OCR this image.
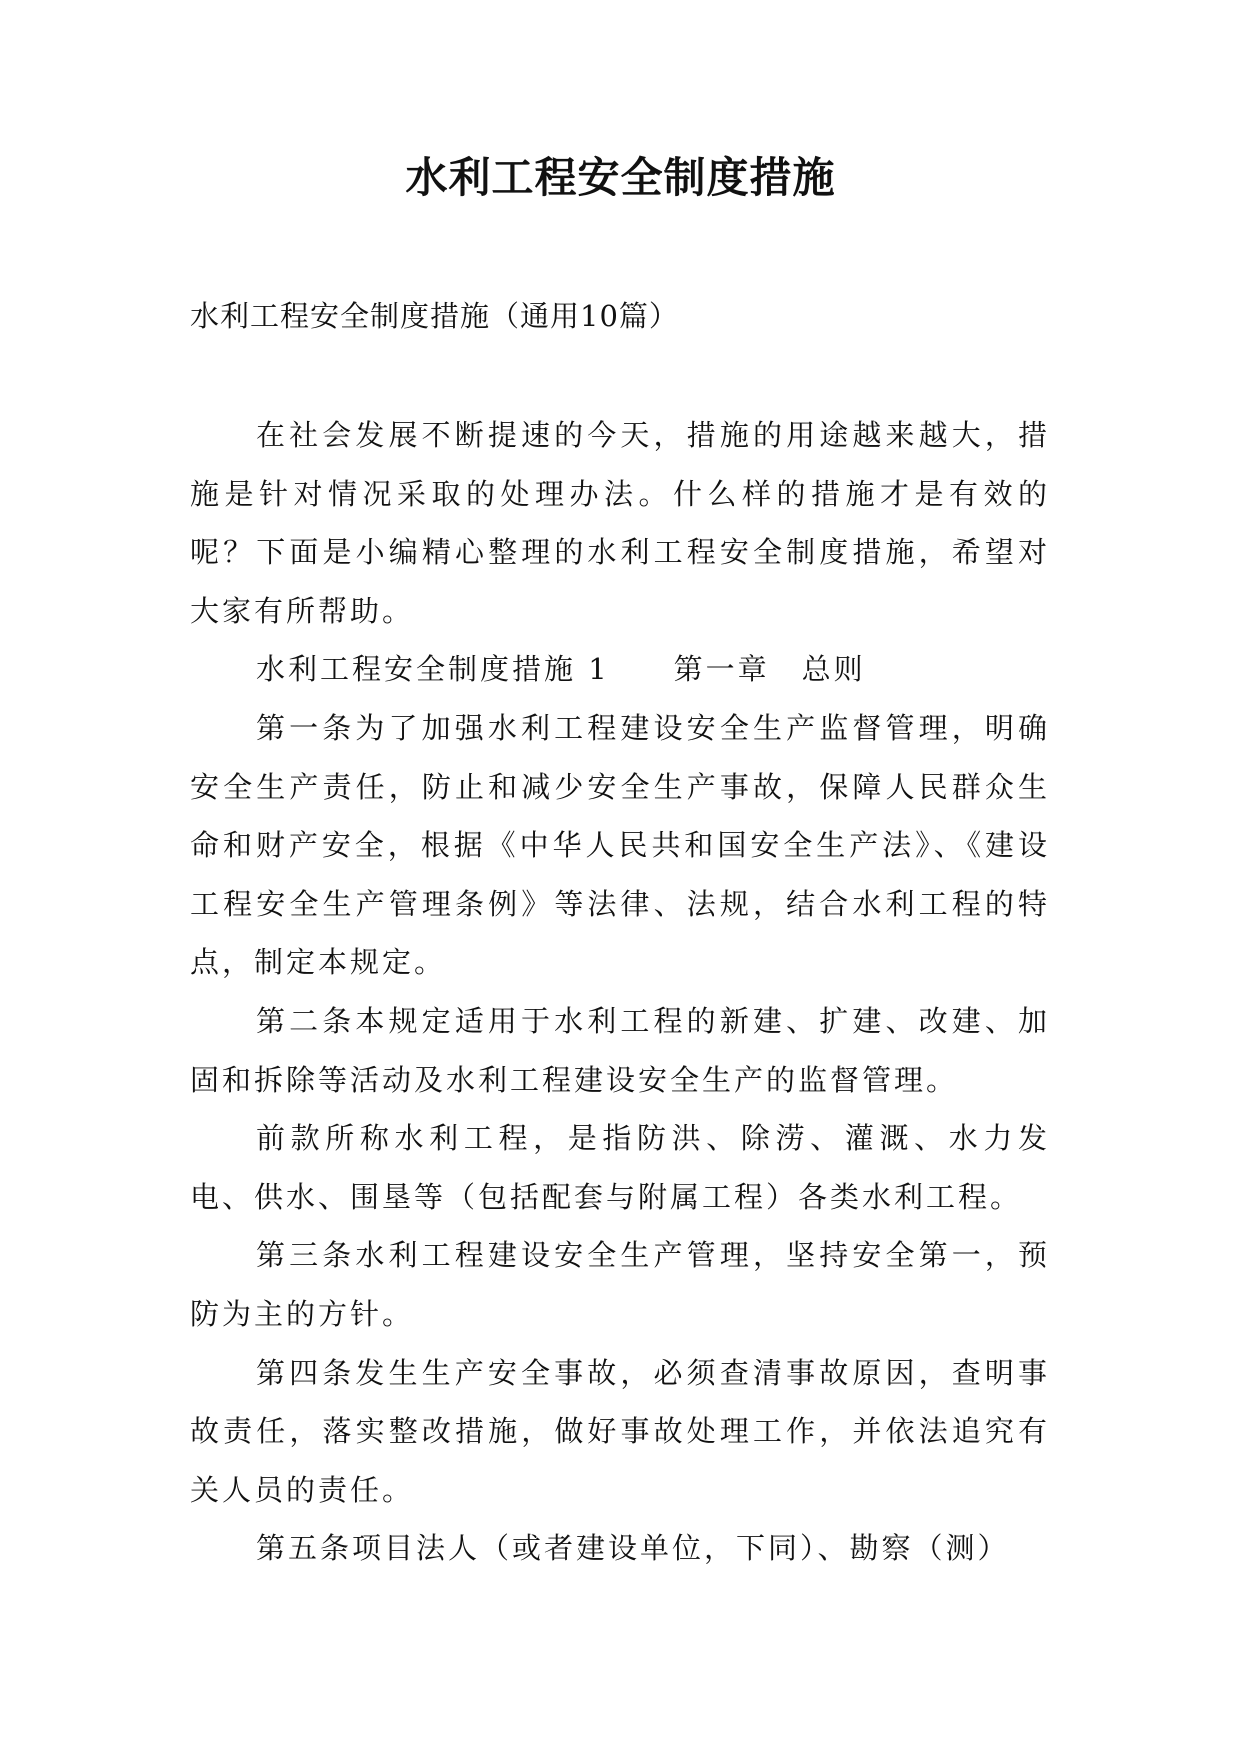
水利工程安全制度措施

水利工程安全制度措施（通用10篇）

在社会发展不断提速的今天，措施的用途越来越大，措施是针对情况采取的处理办法。什么样的措施才是有效的呢？下面是小编精心整理的水利工程安全制度措施，希望对大家有所帮助。

水利工程安全制度措施 1　　第一章　总则

第一条为了加强水利工程建设安全生产监督管理，明确安全生产责任，防止和减少安全生产事故，保障人民群众生命和财产安全，根据《中华人民共和国安全生产法》、《建设工程安全生产管理条例》等法律、法规，结合水利工程的特点，制定本规定。

第二条本规定适用于水利工程的新建、扩建、改建、加固和拆除等活动及水利工程建设安全生产的监督管理。

前款所称水利工程，是指防洪、除涝、灌溉、水力发电、供水、围垦等（包括配套与附属工程）各类水利工程。

第三条水利工程建设安全生产管理，坚持安全第一，预防为主的方针。

第四条发生生产安全事故，必须查清事故原因，查明事故责任，落实整改措施，做好事故处理工作，并依法追究有关人员的责任。

第五条项目法人（或者建设单位，下同）、勘察（测）
